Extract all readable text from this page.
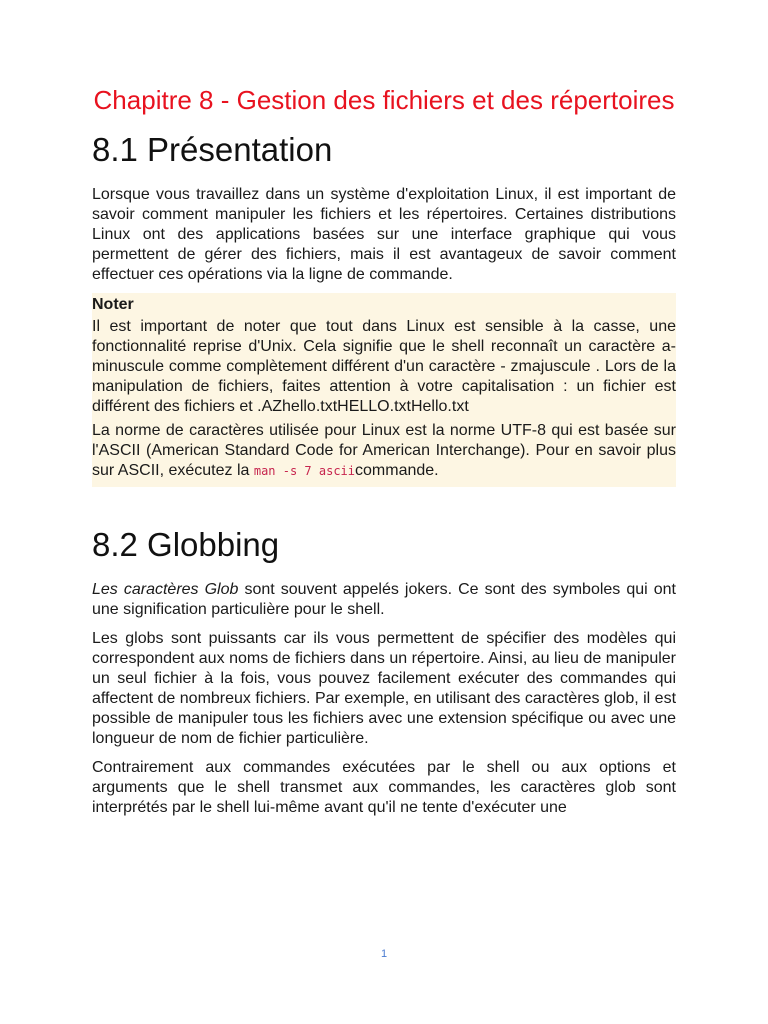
Chapitre 8 - Gestion des fichiers et des répertoires
8.1 Présentation

Lorsque vous travaillez dans un système d'exploitation Linux, il est important de savoir comment manipuler les fichiers et les répertoires. Certaines distributions Linux ont des applications basées sur une interface graphique qui vous permettent de gérer des fichiers, mais il est avantageux de savoir comment effectuer ces opérations via la ligne de commande.

Noter

Il est important de noter que tout dans Linux est sensible à la casse, une fonctionnalité reprise d'Unix. Cela signifie que le shell reconnaît un caractère a- minuscule comme complètement différent d'un caractère - zmajuscule . Lors de la manipulation de fichiers, faites attention à votre capitalisation : un fichier est différent des fichiers et .AZhello.txtHELLO.txtHello.txt

La norme de caractères utilisée pour Linux est la norme UTF-8 qui est basée sur l'ASCII (American Standard Code for American Interchange). Pour en savoir plus sur ASCII, exécutez la man -s 7 asciicommande.

8.2 Globbing

Les caractères Glob sont souvent appelés jokers. Ce sont des symboles qui ont une signification particulière pour le shell.

Les globs sont puissants car ils vous permettent de spécifier des modèles qui correspondent aux noms de fichiers dans un répertoire. Ainsi, au lieu de manipuler un seul fichier à la fois, vous pouvez facilement exécuter des commandes qui affectent de nombreux fichiers. Par exemple, en utilisant des caractères glob, il est possible de manipuler tous les fichiers avec une extension spécifique ou avec une longueur de nom de fichier particulière.

Contrairement aux commandes exécutées par le shell ou aux options et arguments que le shell transmet aux commandes, les caractères glob sont interprétés par le shell lui-même avant qu'il ne tente d'exécuter une

1
